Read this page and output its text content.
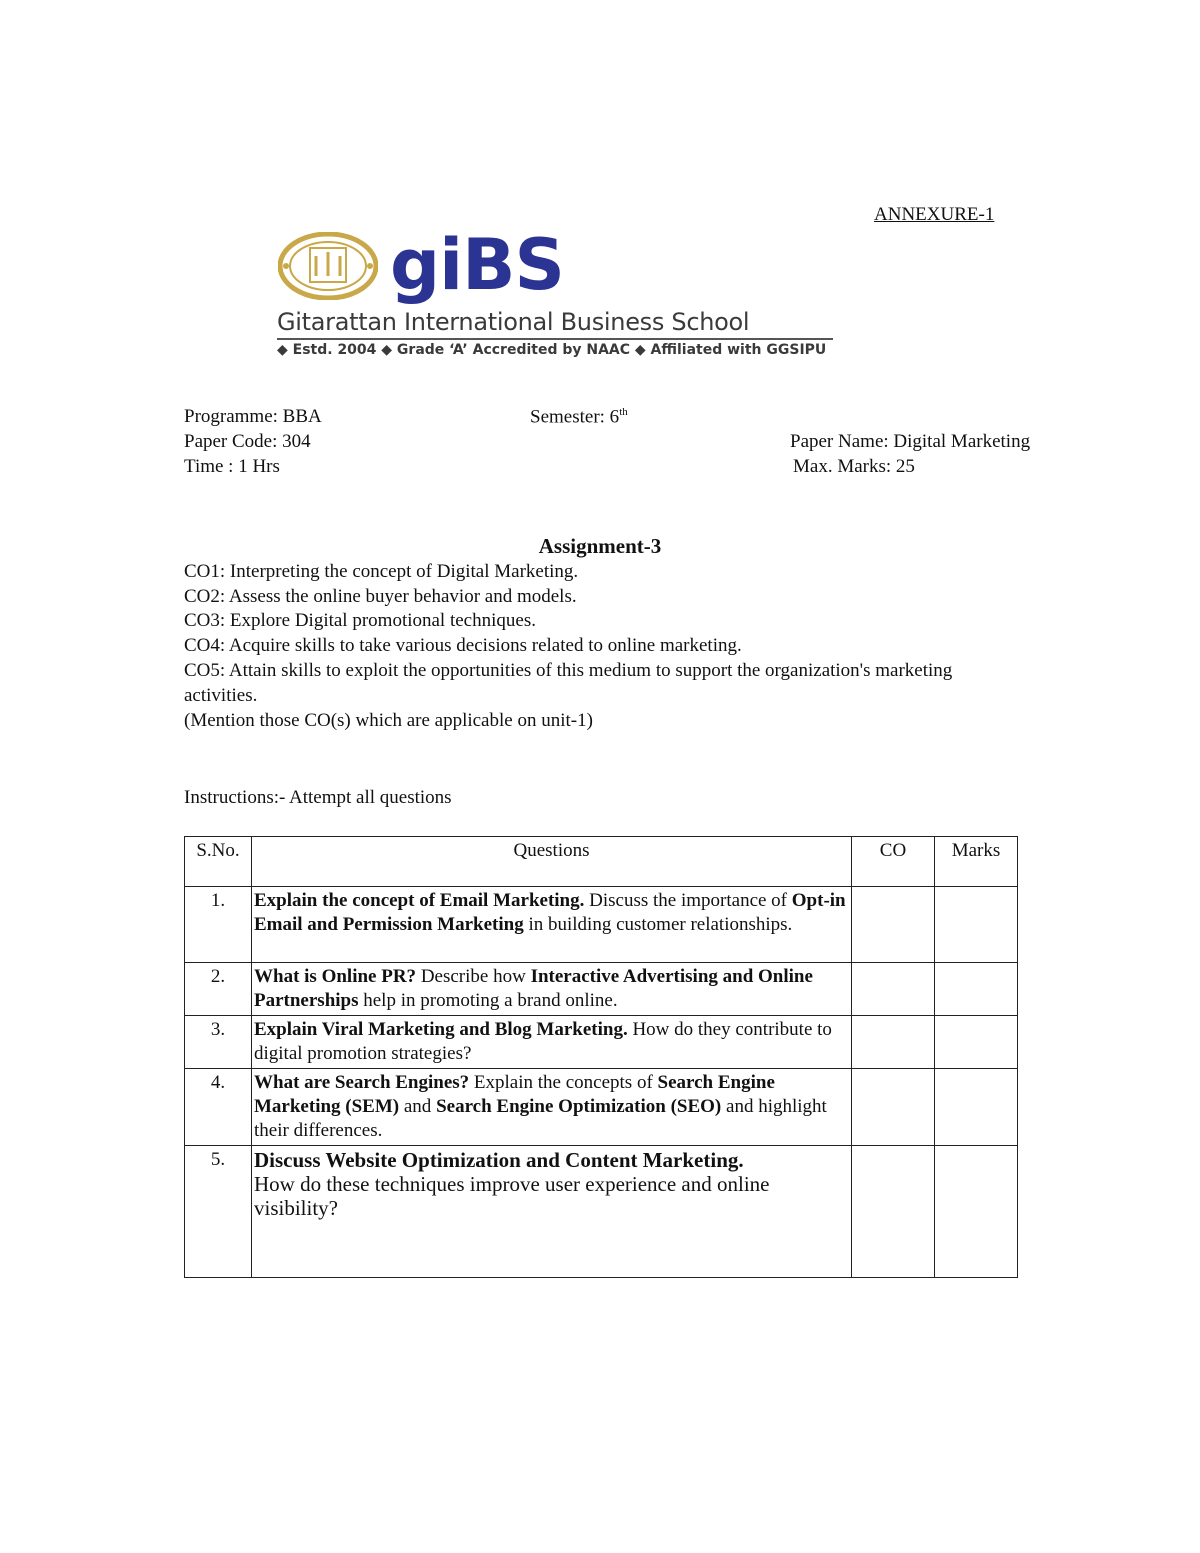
ANNEXURE-1
giBS
Gitarattan International Business School
◆ Estd. 2004 ◆ Grade ‘A’ Accredited by NAAC ◆ Affiliated with GGSIPU
Programme: BBA	Semester: 6th
Paper Code: 304	Paper Name: Digital Marketing
Time : 1 Hrs	Max. Marks: 25
Assignment-3
CO1: Interpreting the concept of Digital Marketing.
CO2: Assess the online buyer behavior and models.
CO3: Explore Digital promotional techniques.
CO4: Acquire skills to take various decisions related to online marketing.
CO5: Attain skills to exploit the opportunities of this medium to support the organization's marketing
activities.
(Mention those CO(s) which are applicable on unit-1)
Instructions:- Attempt all questions
S.No.	Questions	CO	Marks
1.	Explain the concept of Email Marketing. Discuss the importance of Opt-in Email and Permission Marketing in building customer relationships.		
2.	What is Online PR? Describe how Interactive Advertising and Online Partnerships help in promoting a brand online.		
3.	Explain Viral Marketing and Blog Marketing. How do they contribute to digital promotion strategies?		
4.	What are Search Engines? Explain the concepts of Search Engine Marketing (SEM) and Search Engine Optimization (SEO) and highlight their differences.		
5.	Discuss Website Optimization and Content Marketing.
How do these techniques improve user experience and online visibility?		
